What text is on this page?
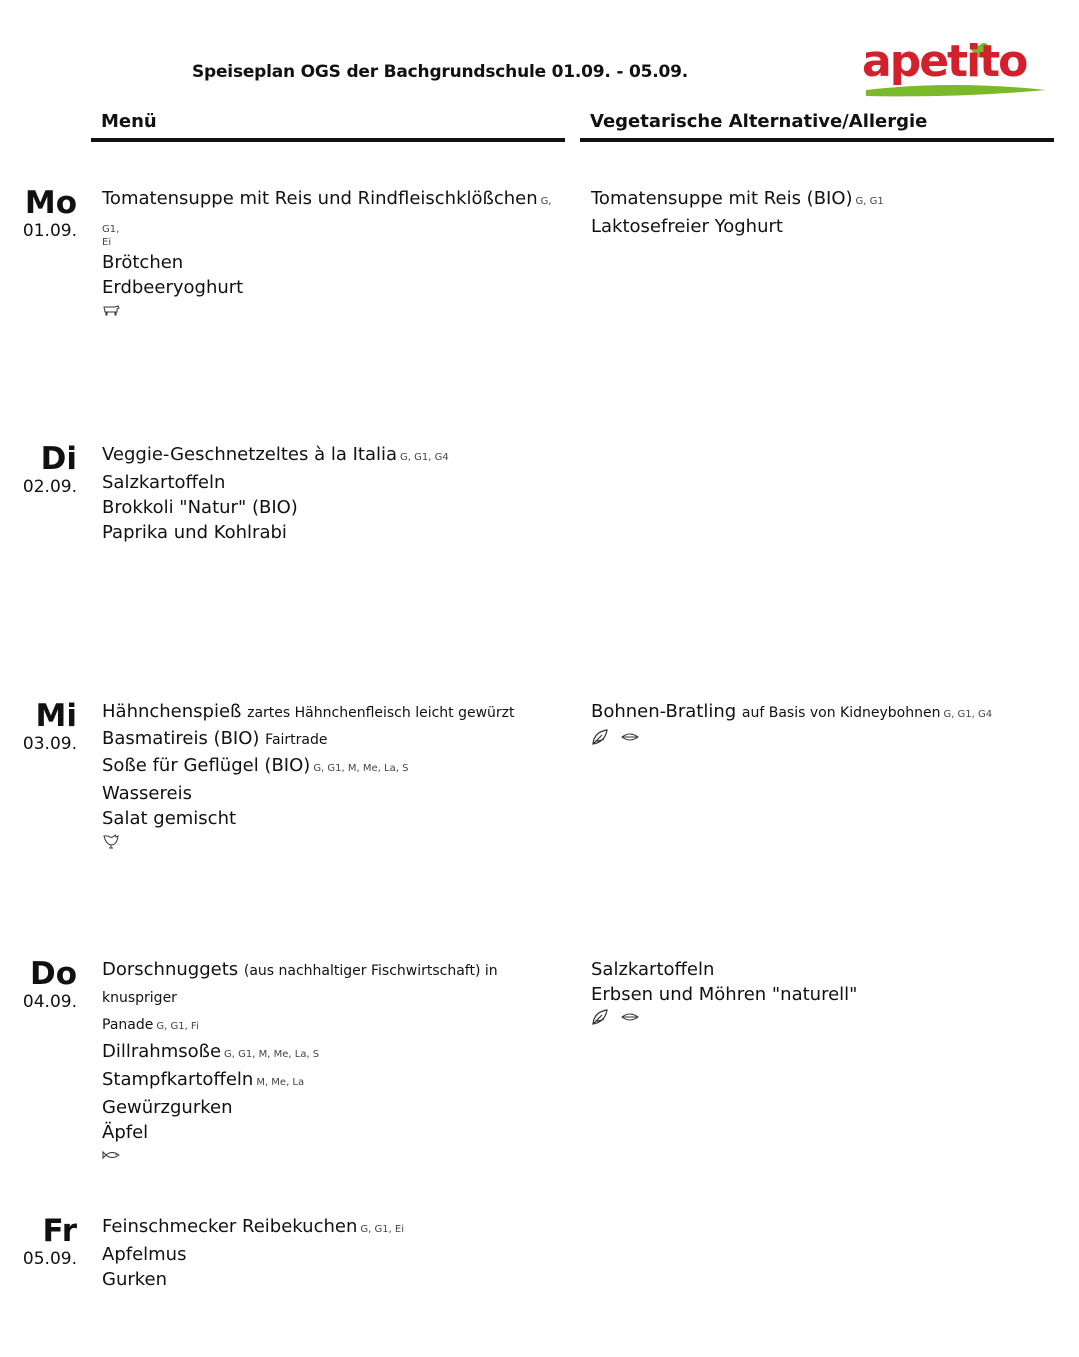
Speiseplan OGS der Bachgrundschule 01.09. - 05.09.	apetito
Menü	Vegetarische Alternative/Allergie
Mo
01.09.
Tomatensuppe mit Reis und Rindfleischklößchen G, G1,
Ei
Brötchen
Erdbeeryoghurt
Tomatensuppe mit Reis (BIO) G, G1
Laktosefreier Yoghurt
Di
02.09.
Veggie-Geschnetzeltes à la Italia G, G1, G4
Salzkartoffeln
Brokkoli "Natur" (BIO)
Paprika und Kohlrabi
Mi
03.09.
Hähnchenspieß zartes Hähnchenfleisch leicht gewürzt
Basmatireis (BIO) Fairtrade
Soße für Geflügel (BIO) G, G1, M, Me, La, S
Wassereis
Salat gemischt
Bohnen-Bratling auf Basis von Kidneybohnen G, G1, G4
Do
04.09.
Dorschnuggets (aus nachhaltiger Fischwirtschaft) in knuspriger
Panade G, G1, Fi
Dillrahmsoße G, G1, M, Me, La, S
Stampfkartoffeln M, Me, La
Gewürzgurken
Äpfel
Salzkartoffeln
Erbsen und Möhren "naturell"
Fr
05.09.
Feinschmecker Reibekuchen G, G1, Ei
Apfelmus
Gurken
